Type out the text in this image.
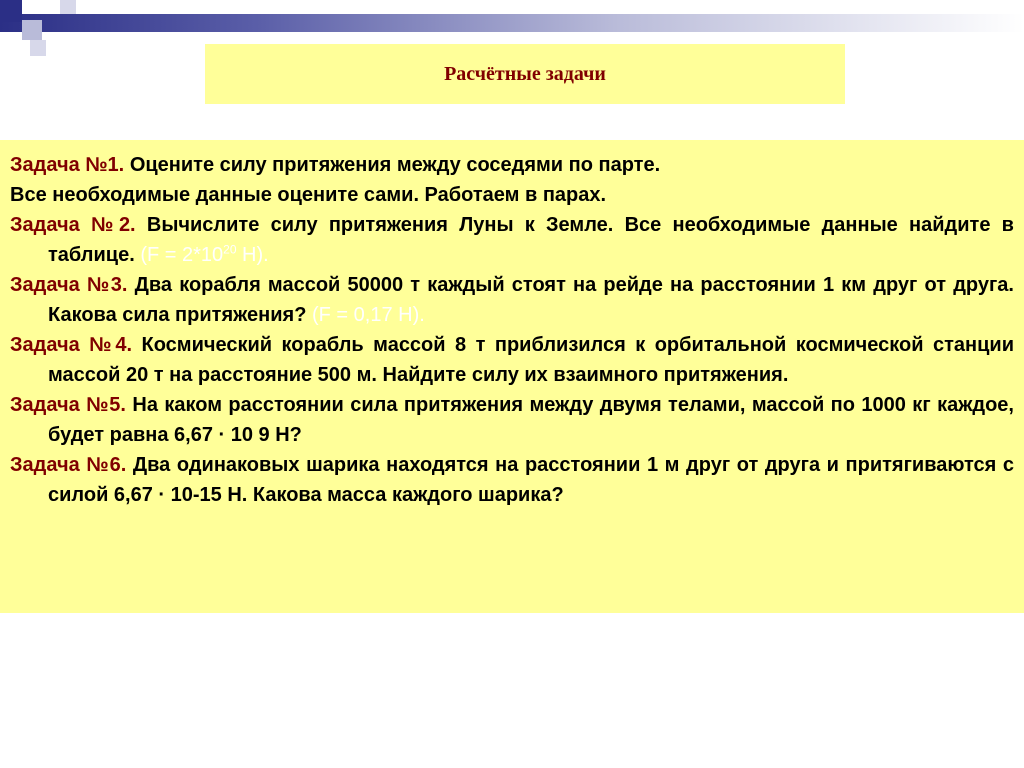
Расчётные задачи

Задача №1. Оцените силу притяжения между соседями по парте.

Все необходимые данные оцените сами. Работаем в парах.

Задача №2. Вычислите силу притяжения Луны к Земле. Все необходимые данные найдите в таблице. ($F = 2*10^{20}$ Н).

Задача №3. Два корабля массой 50000 т каждый стоят на рейде на расстоянии 1 км друг от друга. Какова сила притяжения? (F = 0,17 Н).

Задача №4. Космический корабль массой 8 т приблизился к орбитальной космической станции массой 20 т на расстояние 500 м. Найдите силу их взаимного притяжения.

Задача №5. На каком расстоянии сила притяжения между двумя телами, массой по 1000 кг каждое, будет равна 6,67 · 10 9 Н?

Задача №6. Два одинаковых шарика находятся на расстоянии 1 м друг от друга и притягиваются с силой 6,67 · 10-15 Н. Какова масса каждого шарика?
